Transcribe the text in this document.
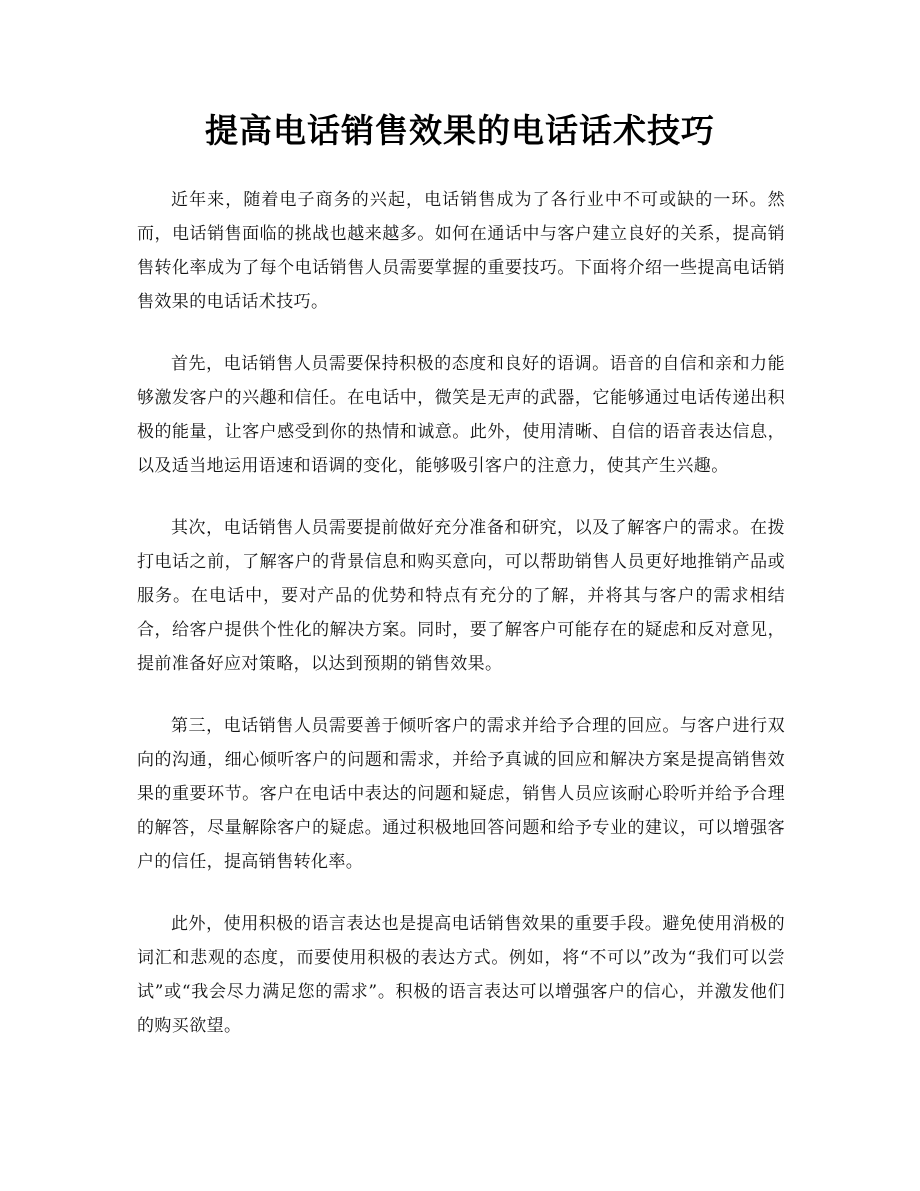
提高电话销售效果的电话话术技巧

近年来，随着电子商务的兴起，电话销售成为了各行业中不可或缺的一环。然而，电话销售面临的挑战也越来越多。如何在通话中与客户建立良好的关系，提高销售转化率成为了每个电话销售人员需要掌握的重要技巧。下面将介绍一些提高电话销售效果的电话话术技巧。

首先，电话销售人员需要保持积极的态度和良好的语调。语音的自信和亲和力能够激发客户的兴趣和信任。在电话中，微笑是无声的武器，它能够通过电话传递出积极的能量，让客户感受到你的热情和诚意。此外，使用清晰、自信的语音表达信息，以及适当地运用语速和语调的变化，能够吸引客户的注意力，使其产生兴趣。

其次，电话销售人员需要提前做好充分准备和研究，以及了解客户的需求。在拨打电话之前，了解客户的背景信息和购买意向，可以帮助销售人员更好地推销产品或服务。在电话中，要对产品的优势和特点有充分的了解，并将其与客户的需求相结合，给客户提供个性化的解决方案。同时，要了解客户可能存在的疑虑和反对意见，提前准备好应对策略，以达到预期的销售效果。

第三，电话销售人员需要善于倾听客户的需求并给予合理的回应。与客户进行双向的沟通，细心倾听客户的问题和需求，并给予真诚的回应和解决方案是提高销售效果的重要环节。客户在电话中表达的问题和疑虑，销售人员应该耐心聆听并给予合理的解答，尽量解除客户的疑虑。通过积极地回答问题和给予专业的建议，可以增强客户的信任，提高销售转化率。

此外，使用积极的语言表达也是提高电话销售效果的重要手段。避免使用消极的词汇和悲观的态度，而要使用积极的表达方式。例如，将“不可以”改为“我们可以尝试”或“我会尽力满足您的需求”。积极的语言表达可以增强客户的信心，并激发他们的购买欲望。
